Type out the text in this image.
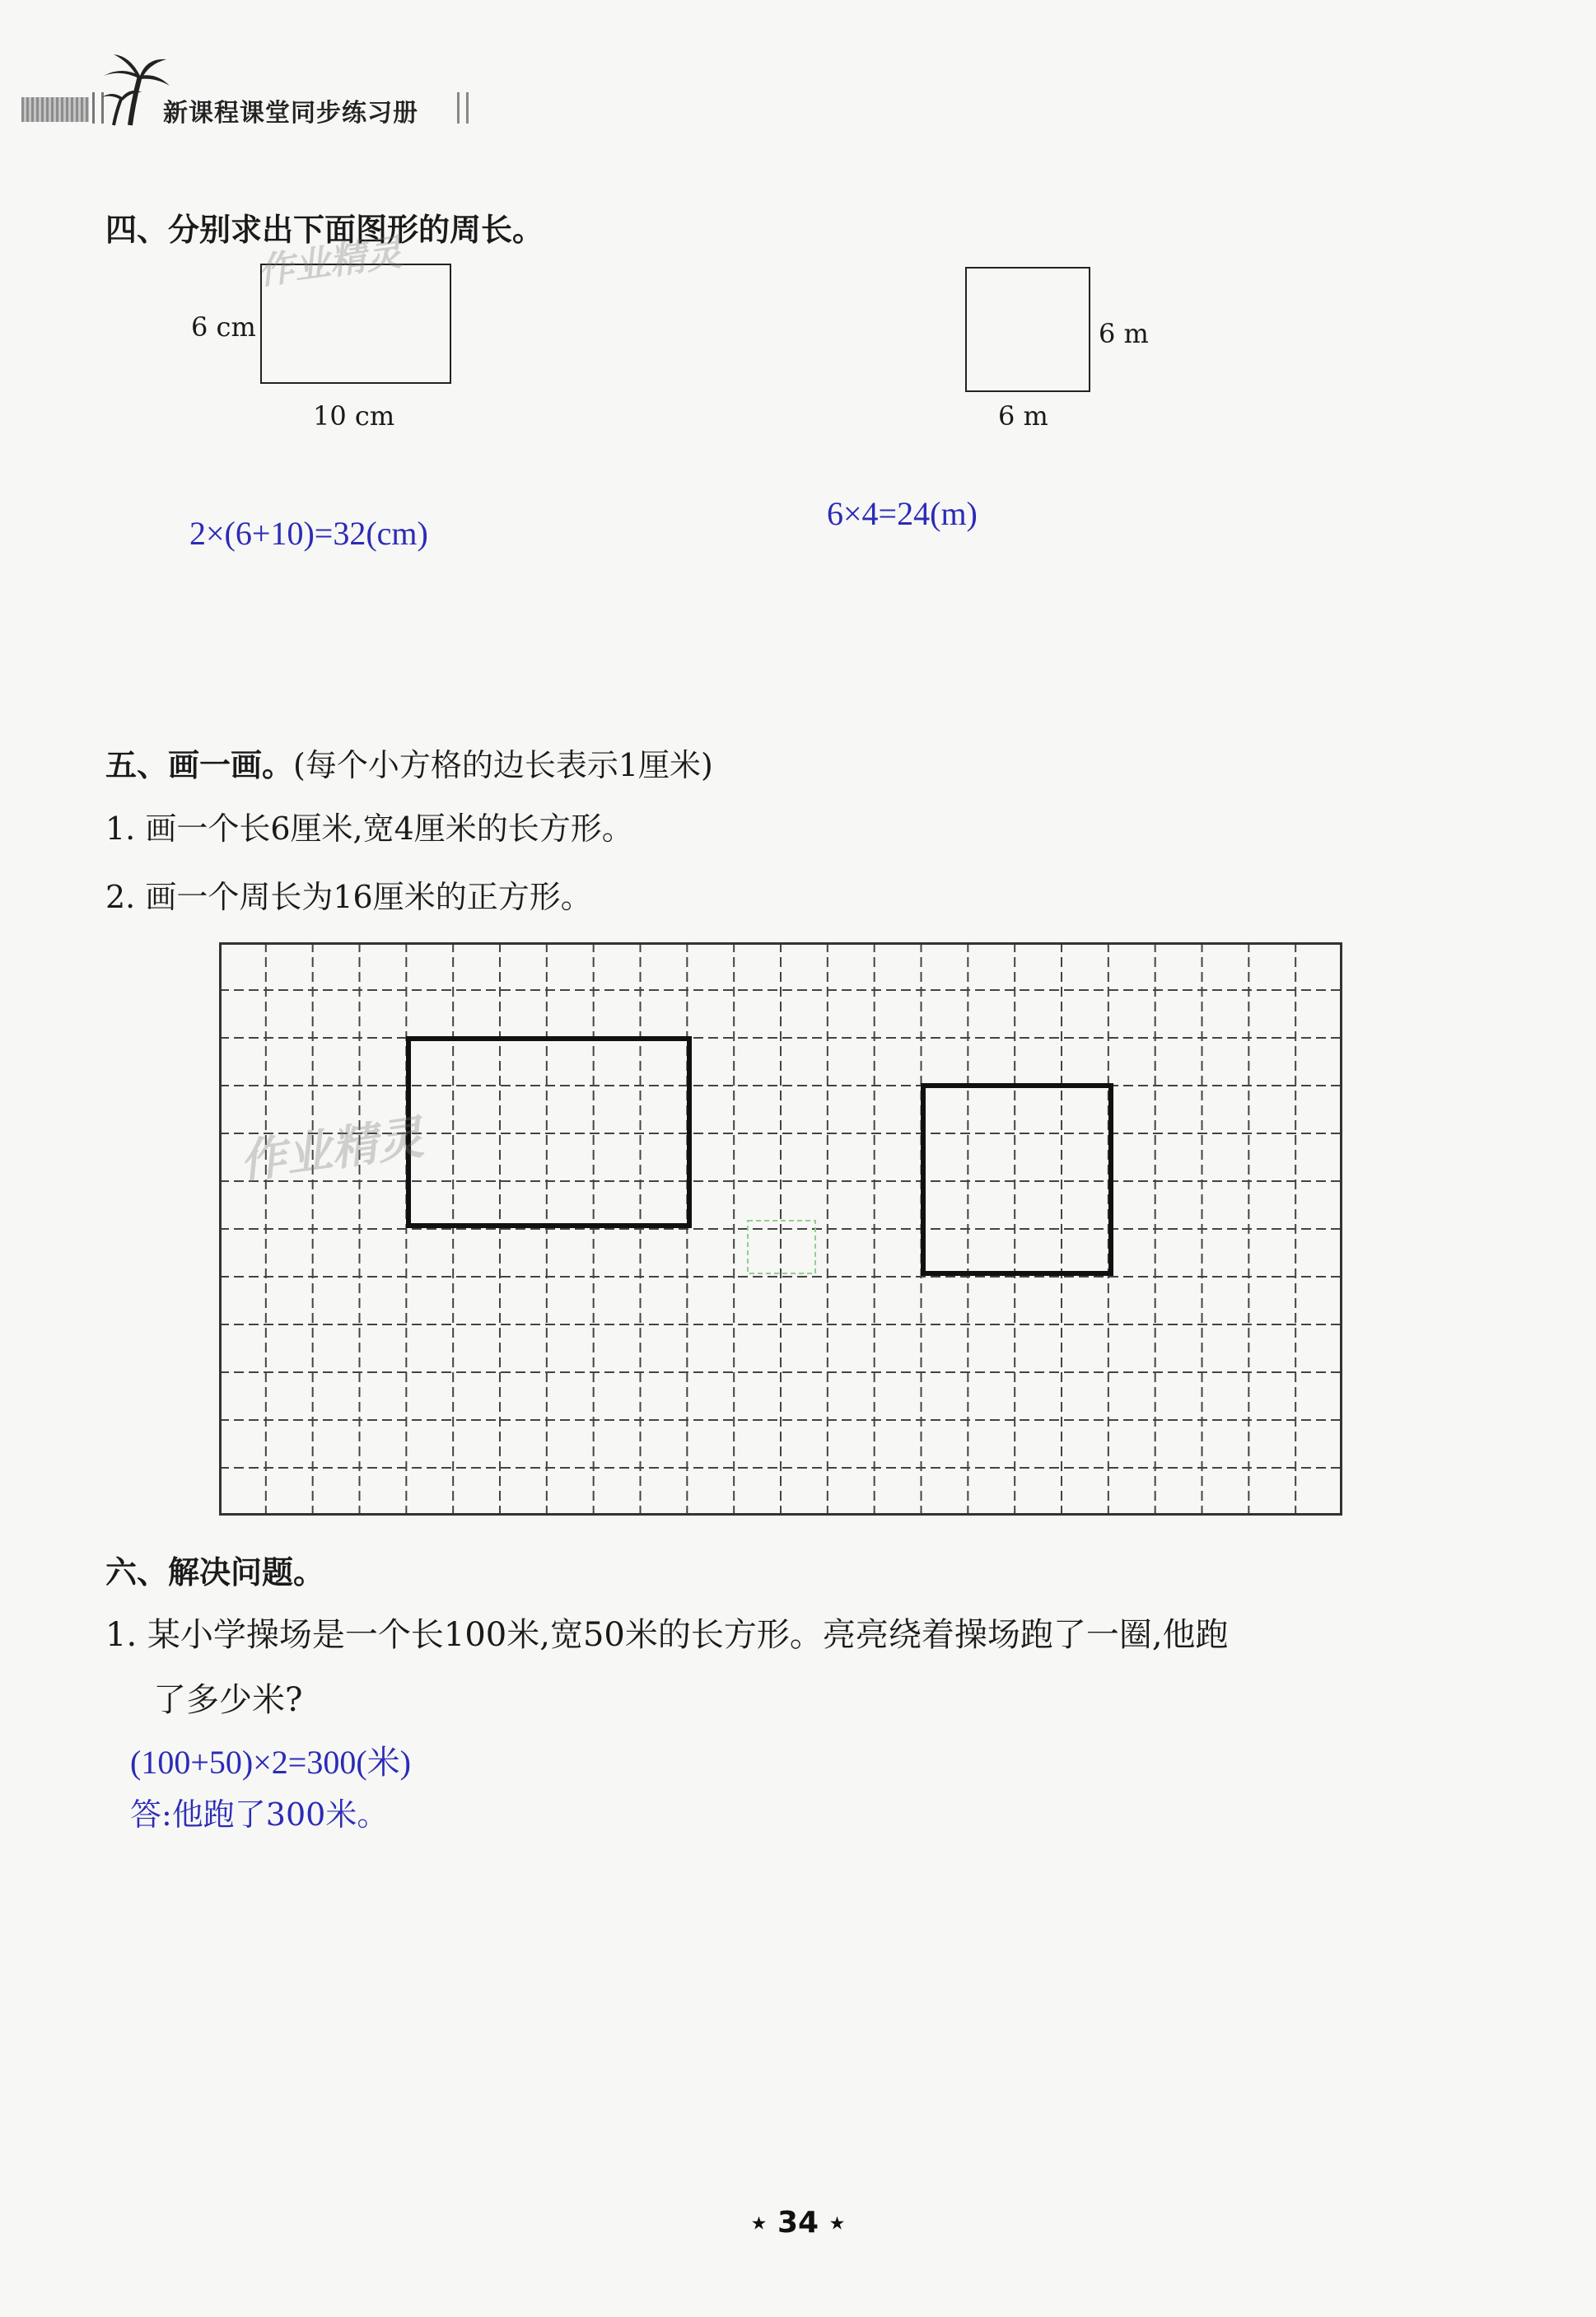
新课程课堂同步练习册
四、分别求出下面图形的周长。
6 cm
10 cm
6 m
6 m
2×(6+10)=32(cm)
6×4=24(m)
作业精灵
五、画一画。(每个小方格的边长表示1厘米)
1. 画一个长6厘米,宽4厘米的长方形。
2. 画一个周长为16厘米的正方形。
作业精灵
六、解决问题。
1. 某小学操场是一个长100米,宽50米的长方形。亮亮绕着操场跑了一圈,他跑
了多少米?
(100+50)×2=300(米)
答:他跑了300米。
★ 34 ★
